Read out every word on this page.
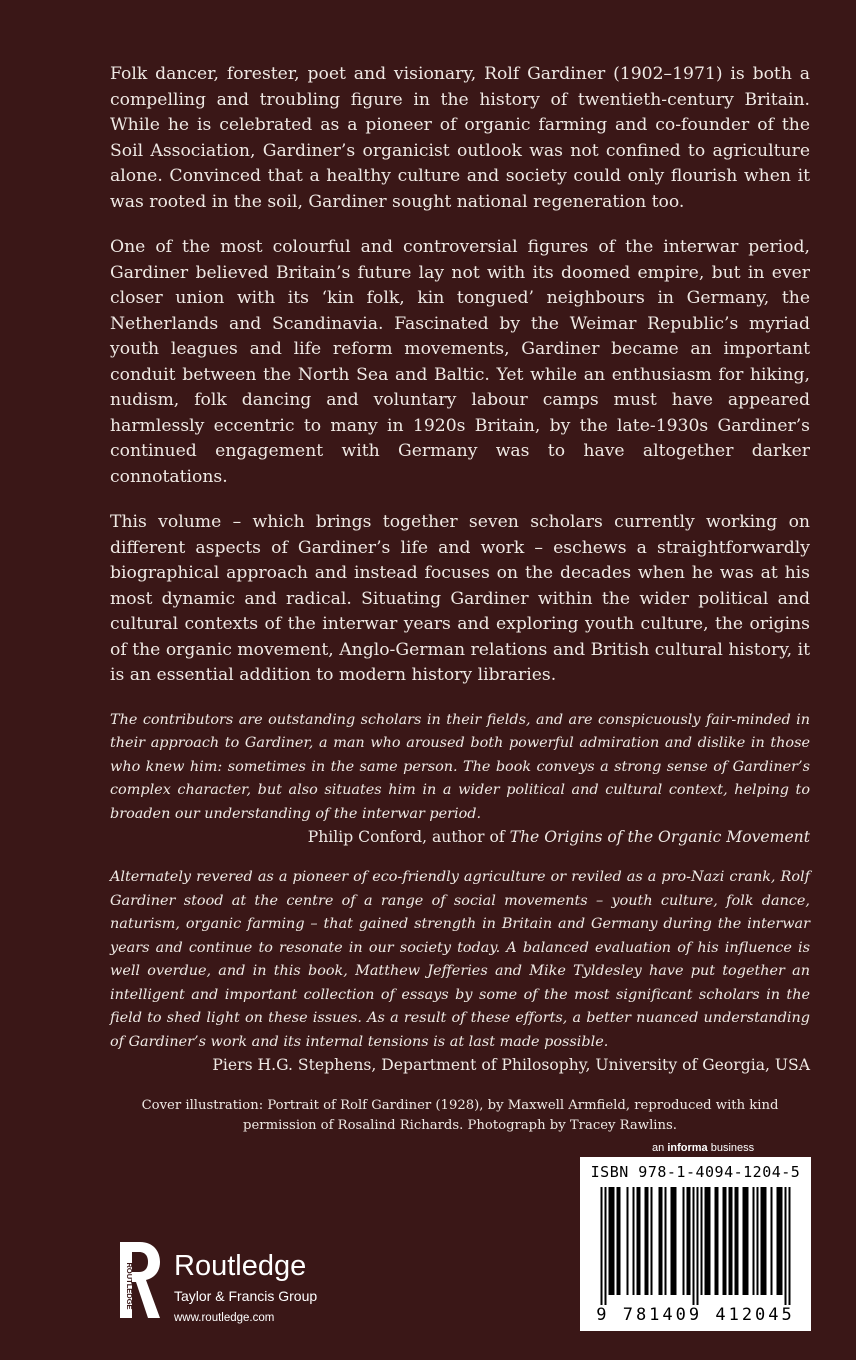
Folk dancer, forester, poet and visionary, Rolf Gardiner (1902–1971) is both a compelling and troubling figure in the history of twentieth-century Britain. While he is celebrated as a pioneer of organic farming and co-founder of the Soil Association, Gardiner’s organicist outlook was not confined to agriculture alone. Convinced that a healthy culture and society could only flourish when it was rooted in the soil, Gardiner sought national regeneration too.

One of the most colourful and controversial figures of the interwar period, Gardiner believed Britain’s future lay not with its doomed empire, but in ever closer union with its ‘kin folk, kin tongued’ neighbours in Germany, the Netherlands and Scandinavia. Fascinated by the Weimar Republic’s myriad youth leagues and life reform movements, Gardiner became an important conduit between the North Sea and Baltic. Yet while an enthusiasm for hiking, nudism, folk dancing and voluntary labour camps must have appeared harmlessly eccentric to many in 1920s Britain, by the late-1930s Gardiner’s continued engagement with Germany was to have altogether darker connotations.

This volume – which brings together seven scholars currently working on different aspects of Gardiner’s life and work – eschews a straightforwardly biographical approach and instead focuses on the decades when he was at his most dynamic and radical. Situating Gardiner within the wider political and cultural contexts of the interwar years and exploring youth culture, the origins of the organic movement, Anglo-German relations and British cultural history, it is an essential addition to modern history libraries.

The contributors are outstanding scholars in their fields, and are conspicuously fair-minded in their approach to Gardiner, a man who aroused both powerful admiration and dislike in those who knew him: sometimes in the same person. The book conveys a strong sense of Gardiner’s complex character, but also situates him in a wider political and cultural context, helping to broaden our understanding of the interwar period.

Philip Conford, author of The Origins of the Organic Movement

Alternately revered as a pioneer of eco-friendly agriculture or reviled as a pro-Nazi crank, Rolf Gardiner stood at the centre of a range of social movements – youth culture, folk dance, naturism, organic farming – that gained strength in Britain and Germany during the interwar years and continue to resonate in our society today. A balanced evaluation of his influence is well overdue, and in this book, Matthew Jefferies and Mike Tyldesley have put together an intelligent and important collection of essays by some of the most significant scholars in the field to shed light on these issues. As a result of these efforts, a better nuanced understanding of Gardiner’s work and its internal tensions is at last made possible.

Piers H.G. Stephens, Department of Philosophy, University of Georgia, USA

Cover illustration: Portrait of Rolf Gardiner (1928), by Maxwell Armfield, reproduced with kind permission of Rosalind Richards. Photograph by Tracey Rawlins.
an informa business
ISBN 978-1-4094-1204-5
9 781409 412045
ROUTLEDGE Routledge
Taylor & Francis Group
www.routledge.com
